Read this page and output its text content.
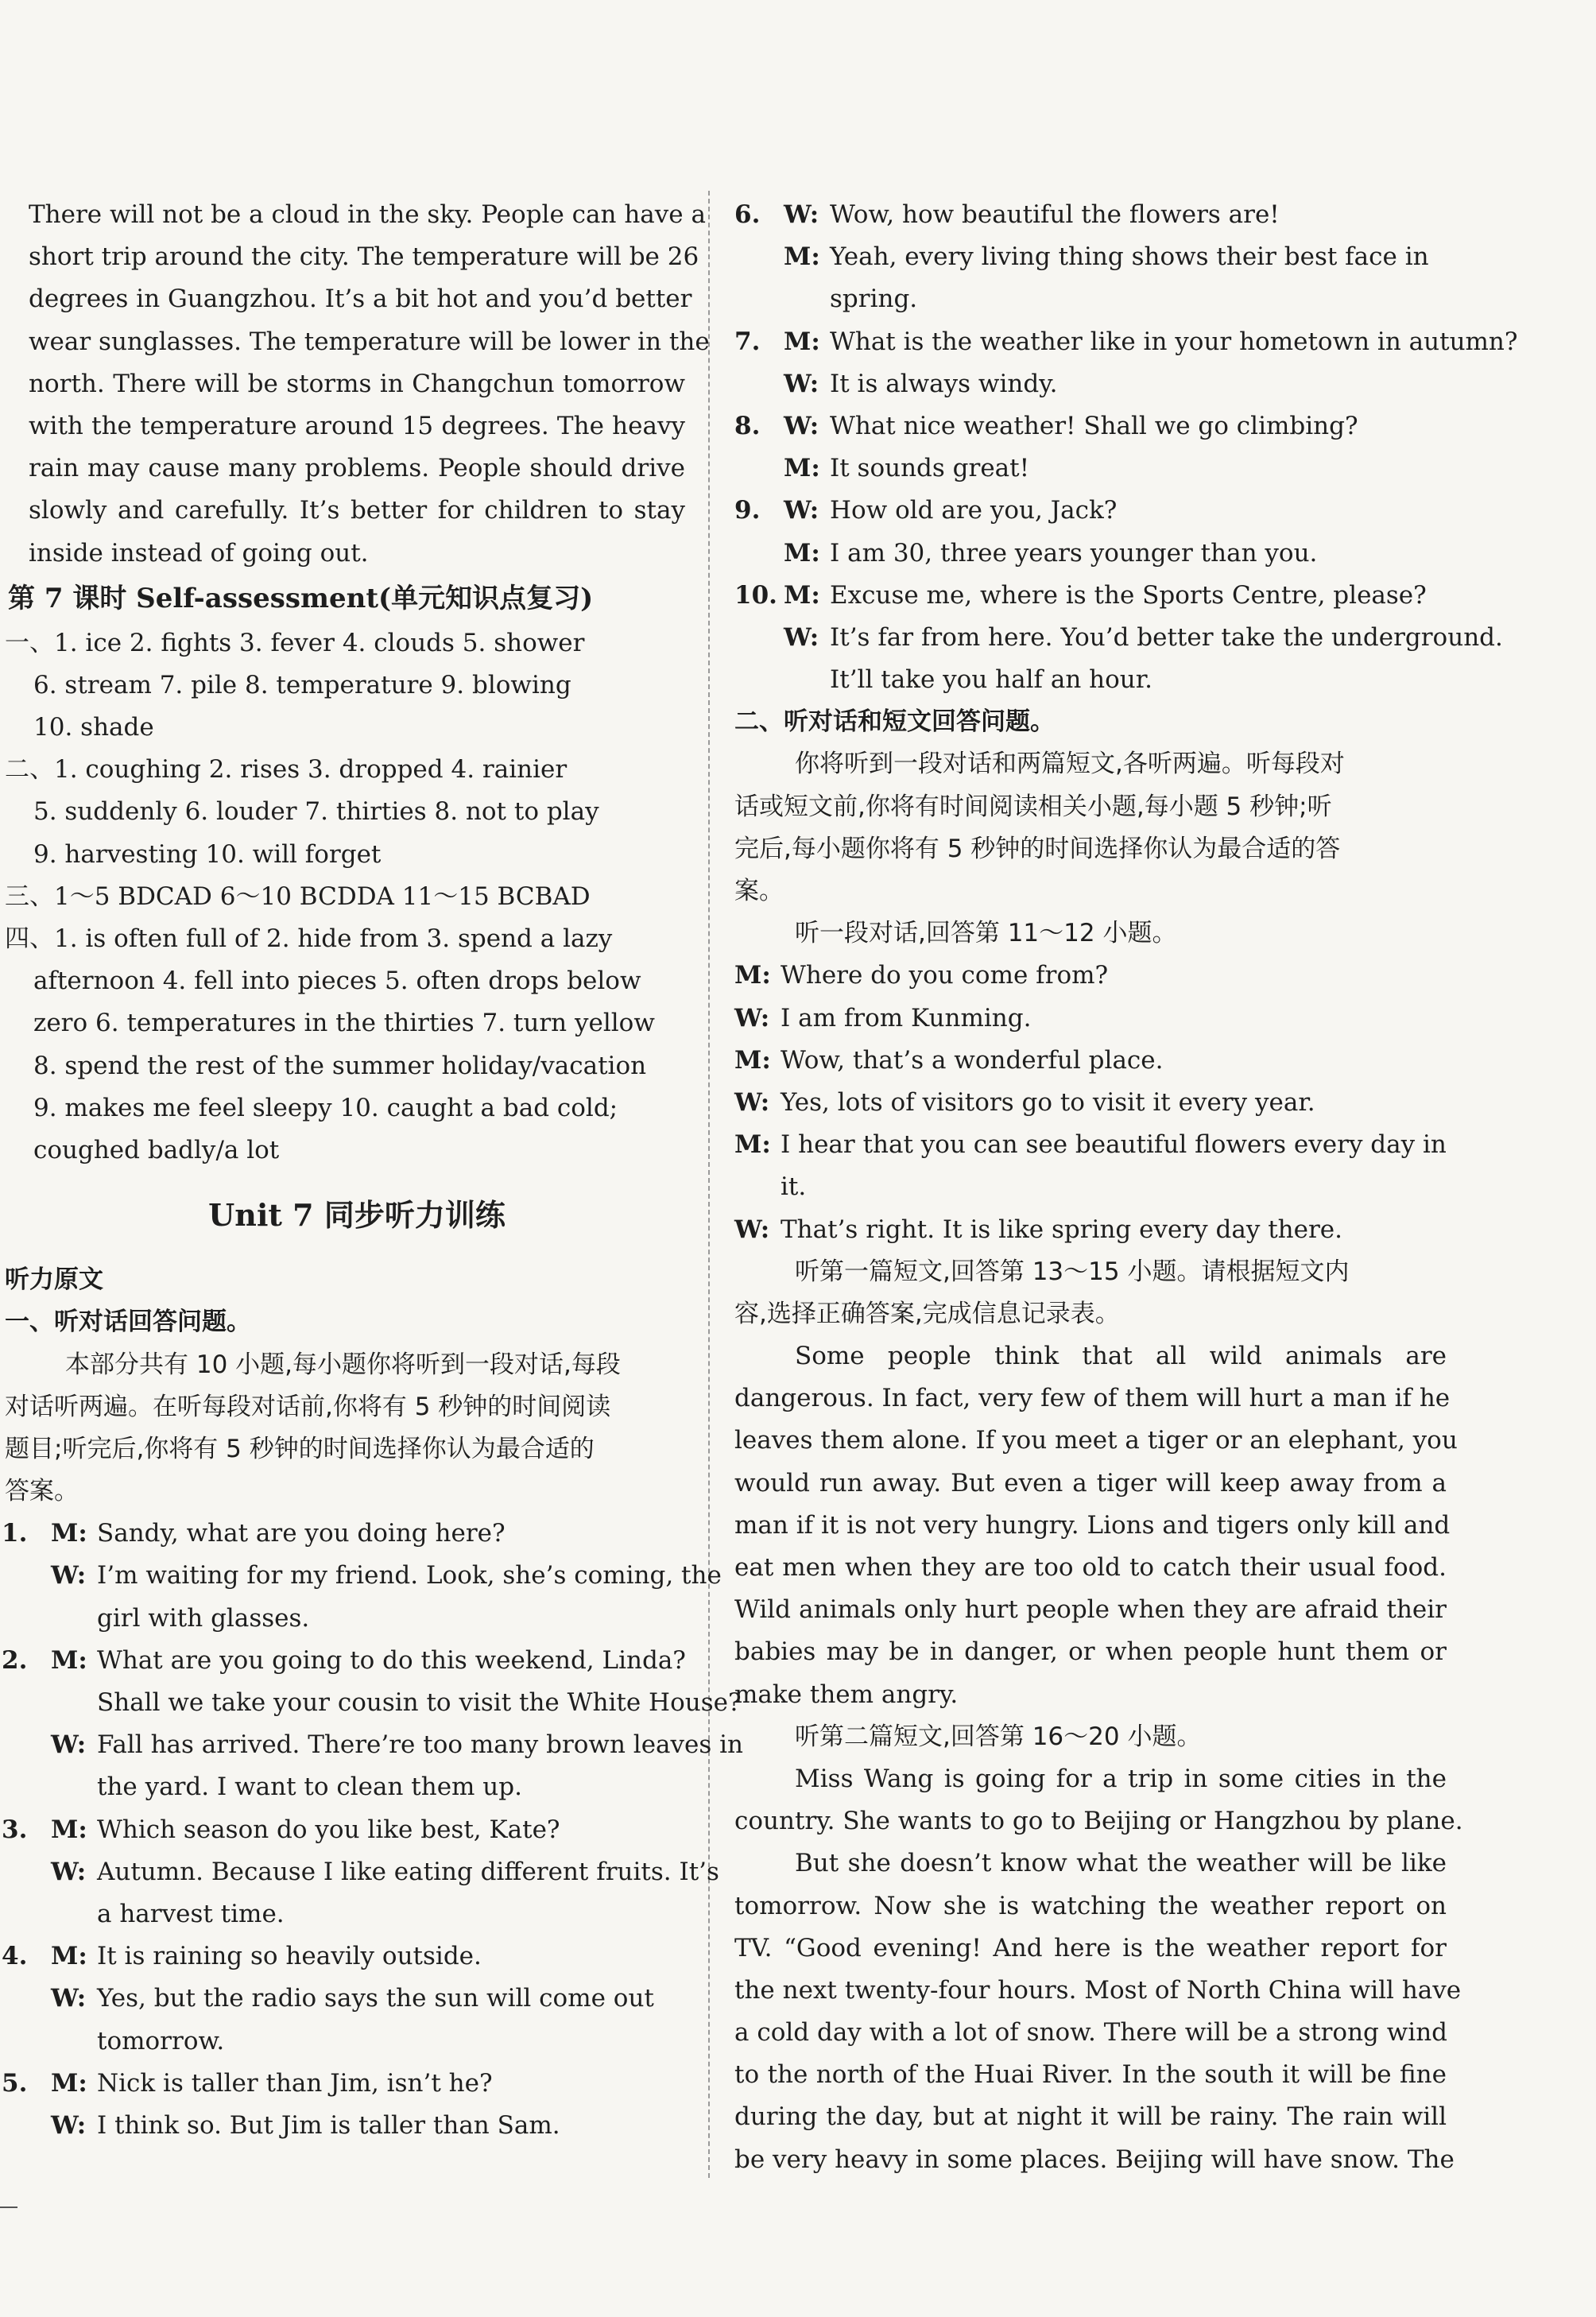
There will not be a cloud in the sky. People can have a
short trip around the city. The temperature will be 26
degrees in Guangzhou. It’s a bit hot and you’d better
wear sunglasses. The temperature will be lower in the
north. There will be storms in Changchun tomorrow
with the temperature around 15 degrees. The heavy
rain may cause many problems. People should drive
slowly and carefully. It’s better for children to stay
inside instead of going out.
第 7 课时 Self-assessment(单元知识点复习)
一、1. ice 2. fights 3. fever 4. clouds 5. shower
6. stream 7. pile 8. temperature 9. blowing
10. shade
二、1. coughing 2. rises 3. dropped 4. rainier
5. suddenly 6. louder 7. thirties 8. not to play
9. harvesting 10. will forget
三、1～5 BDCAD 6～10 BCDDA 11～15 BCBAD
四、1. is often full of 2. hide from 3. spend a lazy
afternoon 4. fell into pieces 5. often drops below
zero 6. temperatures in the thirties 7. turn yellow
8. spend the rest of the summer holiday/vacation
9. makes me feel sleepy 10. caught a bad cold;
coughed badly/a lot
Unit 7 同步听力训练
听力原文
一、听对话回答问题。
本部分共有 10 小题,每小题你将听到一段对话,每段
对话听两遍。在听每段对话前,你将有 5 秒钟的时间阅读
题目;听完后,你将有 5 秒钟的时间选择你认为最合适的
答案。
1. M: Sandy, what are you doing here?
W: I’m waiting for my friend. Look, she’s coming, the
girl with glasses.
2. M: What are you going to do this weekend, Linda?
Shall we take your cousin to visit the White House?
W: Fall has arrived. There’re too many brown leaves in
the yard. I want to clean them up.
3. M: Which season do you like best, Kate?
W: Autumn. Because I like eating different fruits. It’s
a harvest time.
4. M: It is raining so heavily outside.
W: Yes, but the radio says the sun will come out
tomorrow.
5. M: Nick is taller than Jim, isn’t he?
W: I think so. But Jim is taller than Sam.
6. W: Wow, how beautiful the flowers are!
M: Yeah, every living thing shows their best face in
spring.
7. M: What is the weather like in your hometown in autumn?
W: It is always windy.
8. W: What nice weather! Shall we go climbing?
M: It sounds great!
9. W: How old are you, Jack?
M: I am 30, three years younger than you.
10. M: Excuse me, where is the Sports Centre, please?
W: It’s far from here. You’d better take the underground.
It’ll take you half an hour.
二、听对话和短文回答问题。
你将听到一段对话和两篇短文,各听两遍。听每段对
话或短文前,你将有时间阅读相关小题,每小题 5 秒钟;听
完后,每小题你将有 5 秒钟的时间选择你认为最合适的答
案。
听一段对话,回答第 11～12 小题。
M: Where do you come from?
W: I am from Kunming.
M: Wow, that’s a wonderful place.
W: Yes, lots of visitors go to visit it every year.
M: I hear that you can see beautiful flowers every day in
it.
W: That’s right. It is like spring every day there.
听第一篇短文,回答第 13～15 小题。请根据短文内
容,选择正确答案,完成信息记录表。
Some people think that all wild animals are
dangerous. In fact, very few of them will hurt a man if he
leaves them alone. If you meet a tiger or an elephant, you
would run away. But even a tiger will keep away from a
man if it is not very hungry. Lions and tigers only kill and
eat men when they are too old to catch their usual food.
Wild animals only hurt people when they are afraid their
babies may be in danger, or when people hunt them or
make them angry.
听第二篇短文,回答第 16～20 小题。
Miss Wang is going for a trip in some cities in the
country. She wants to go to Beijing or Hangzhou by plane.
But she doesn’t know what the weather will be like
tomorrow. Now she is watching the weather report on
TV. “Good evening! And here is the weather report for
the next twenty-four hours. Most of North China will have
a cold day with a lot of snow. There will be a strong wind
to the north of the Huai River. In the south it will be fine
during the day, but at night it will be rainy. The rain will
be very heavy in some places. Beijing will have snow. The
